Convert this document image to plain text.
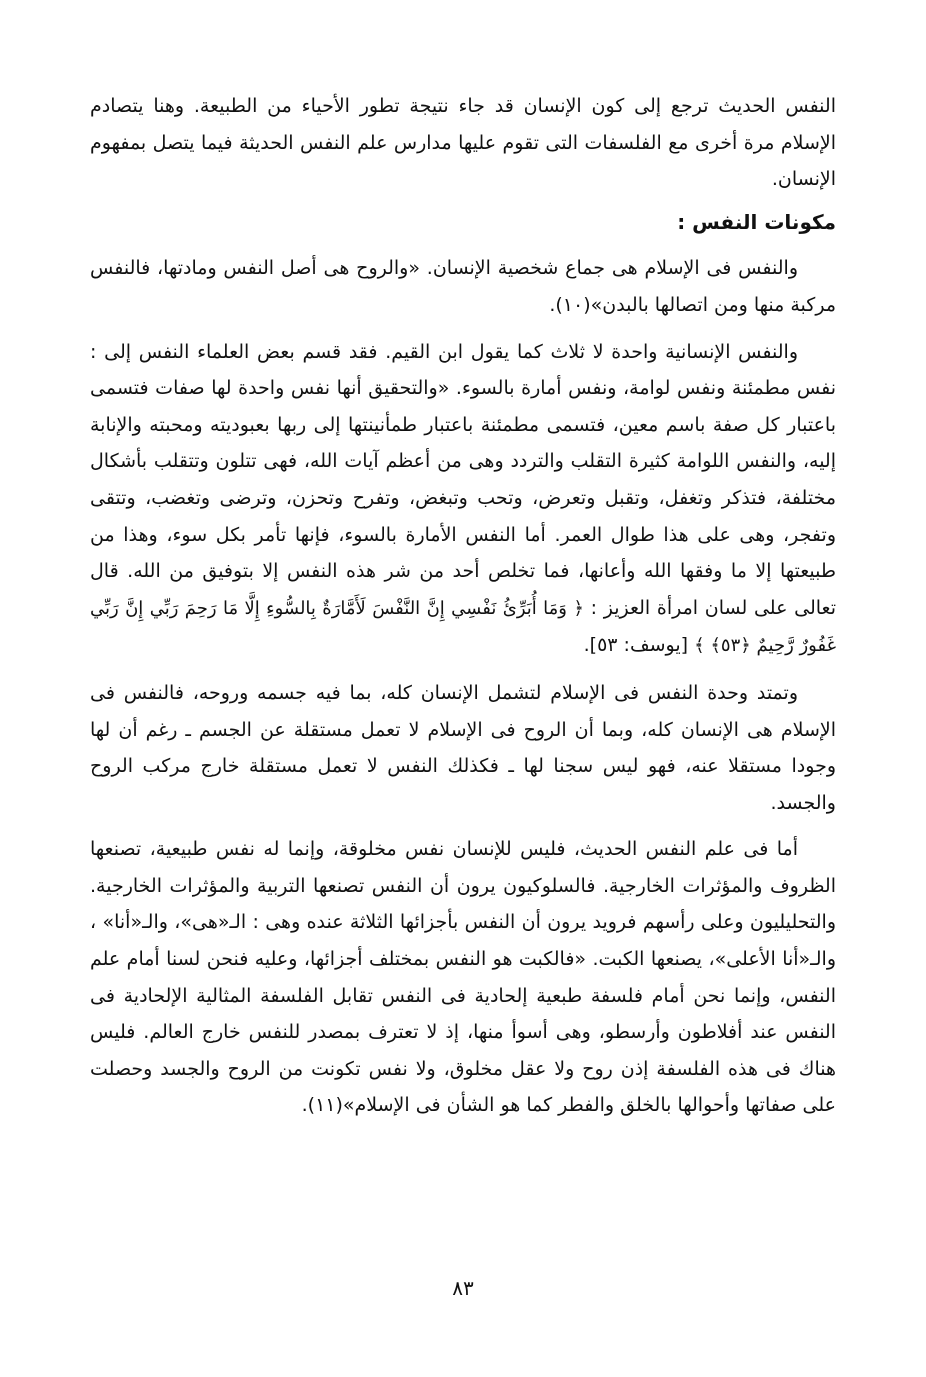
النفس الحديث ترجع إلى كون الإنسان قد جاء نتيجة تطور الأحياء من الطبيعة. وهنا يتصادم الإسلام مرة أخرى مع الفلسفات التى تقوم عليها مدارس علم النفس الحديثة فيما يتصل بمفهوم الإنسان.

مكونات النفس :

والنفس فى الإسلام هى جماع شخصية الإنسان. «والروح هى أصل النفس ومادتها، فالنفس مركبة منها ومن اتصالها بالبدن»(١٠).

والنفس الإنسانية واحدة لا ثلاث كما يقول ابن القيم. فقد قسم بعض العلماء النفس إلى : نفس مطمئنة ونفس لوامة، ونفس أمارة بالسوء. «والتحقيق أنها نفس واحدة لها صفات فتسمى باعتبار كل صفة باسم معين، فتسمى مطمئنة باعتبار طمأنينتها إلى ربها بعبوديته ومحبته والإنابة إليه، والنفس اللوامة كثيرة التقلب والتردد وهى من أعظم آيات الله، فهى تتلون وتتقلب بأشكال مختلفة، فتذكر وتغفل، وتقبل وتعرض، وتحب وتبغض، وتفرح وتحزن، وترضى وتغضب، وتتقى وتفجر، وهى على هذا طوال العمر. أما النفس الأمارة بالسوء، فإنها تأمر بكل سوء، وهذا من طبيعتها إلا ما وفقها الله وأعانها، فما تخلص أحد من شر هذه النفس إلا بتوفيق من الله. قال تعالى على لسان امرأة العزيز : ﴿ وَمَا أُبَرِّئُ نَفْسِي إِنَّ النَّفْسَ لَأَمَّارَةٌ بِالسُّوءِ إِلَّا مَا رَحِمَ رَبِّي إِنَّ رَبِّي غَفُورٌ رَّحِيمٌ ﴿٥٣﴾ ﴾ [يوسف: ٥٣].

وتمتد وحدة النفس فى الإسلام لتشمل الإنسان كله، بما فيه جسمه وروحه، فالنفس فى الإسلام هى الإنسان كله، وبما أن الروح فى الإسلام لا تعمل مستقلة عن الجسم ـ رغم أن لها وجودا مستقلا عنه، فهو ليس سجنا لها ـ فكذلك النفس لا تعمل مستقلة خارج مركب الروح والجسد.

أما فى علم النفس الحديث، فليس للإنسان نفس مخلوقة، وإنما له نفس طبيعية، تصنعها الظروف والمؤثرات الخارجية. فالسلوكيون يرون أن النفس تصنعها التربية والمؤثرات الخارجية. والتحليليون وعلى رأسهم فرويد يرون أن النفس بأجزائها الثلاثة عنده وهى : الـ«هى»، والـ«أنا» ، والـ«أنا الأعلى»، يصنعها الكبت. «فالكبت هو النفس بمختلف أجزائها، وعليه فنحن لسنا أمام علم النفس، وإنما نحن أمام فلسفة طبعية إلحادية فى النفس تقابل الفلسفة المثالية الإلحادية فى النفس عند أفلاطون وأرسطو، وهى أسوأ منها، إذ لا تعترف بمصدر للنفس خارج العالم. فليس هناك فى هذه الفلسفة إذن روح ولا عقل مخلوق، ولا نفس تكونت من الروح والجسد وحصلت على صفاتها وأحوالها بالخلق والفطر كما هو الشأن فى الإسلام»(١١).

٨٣
